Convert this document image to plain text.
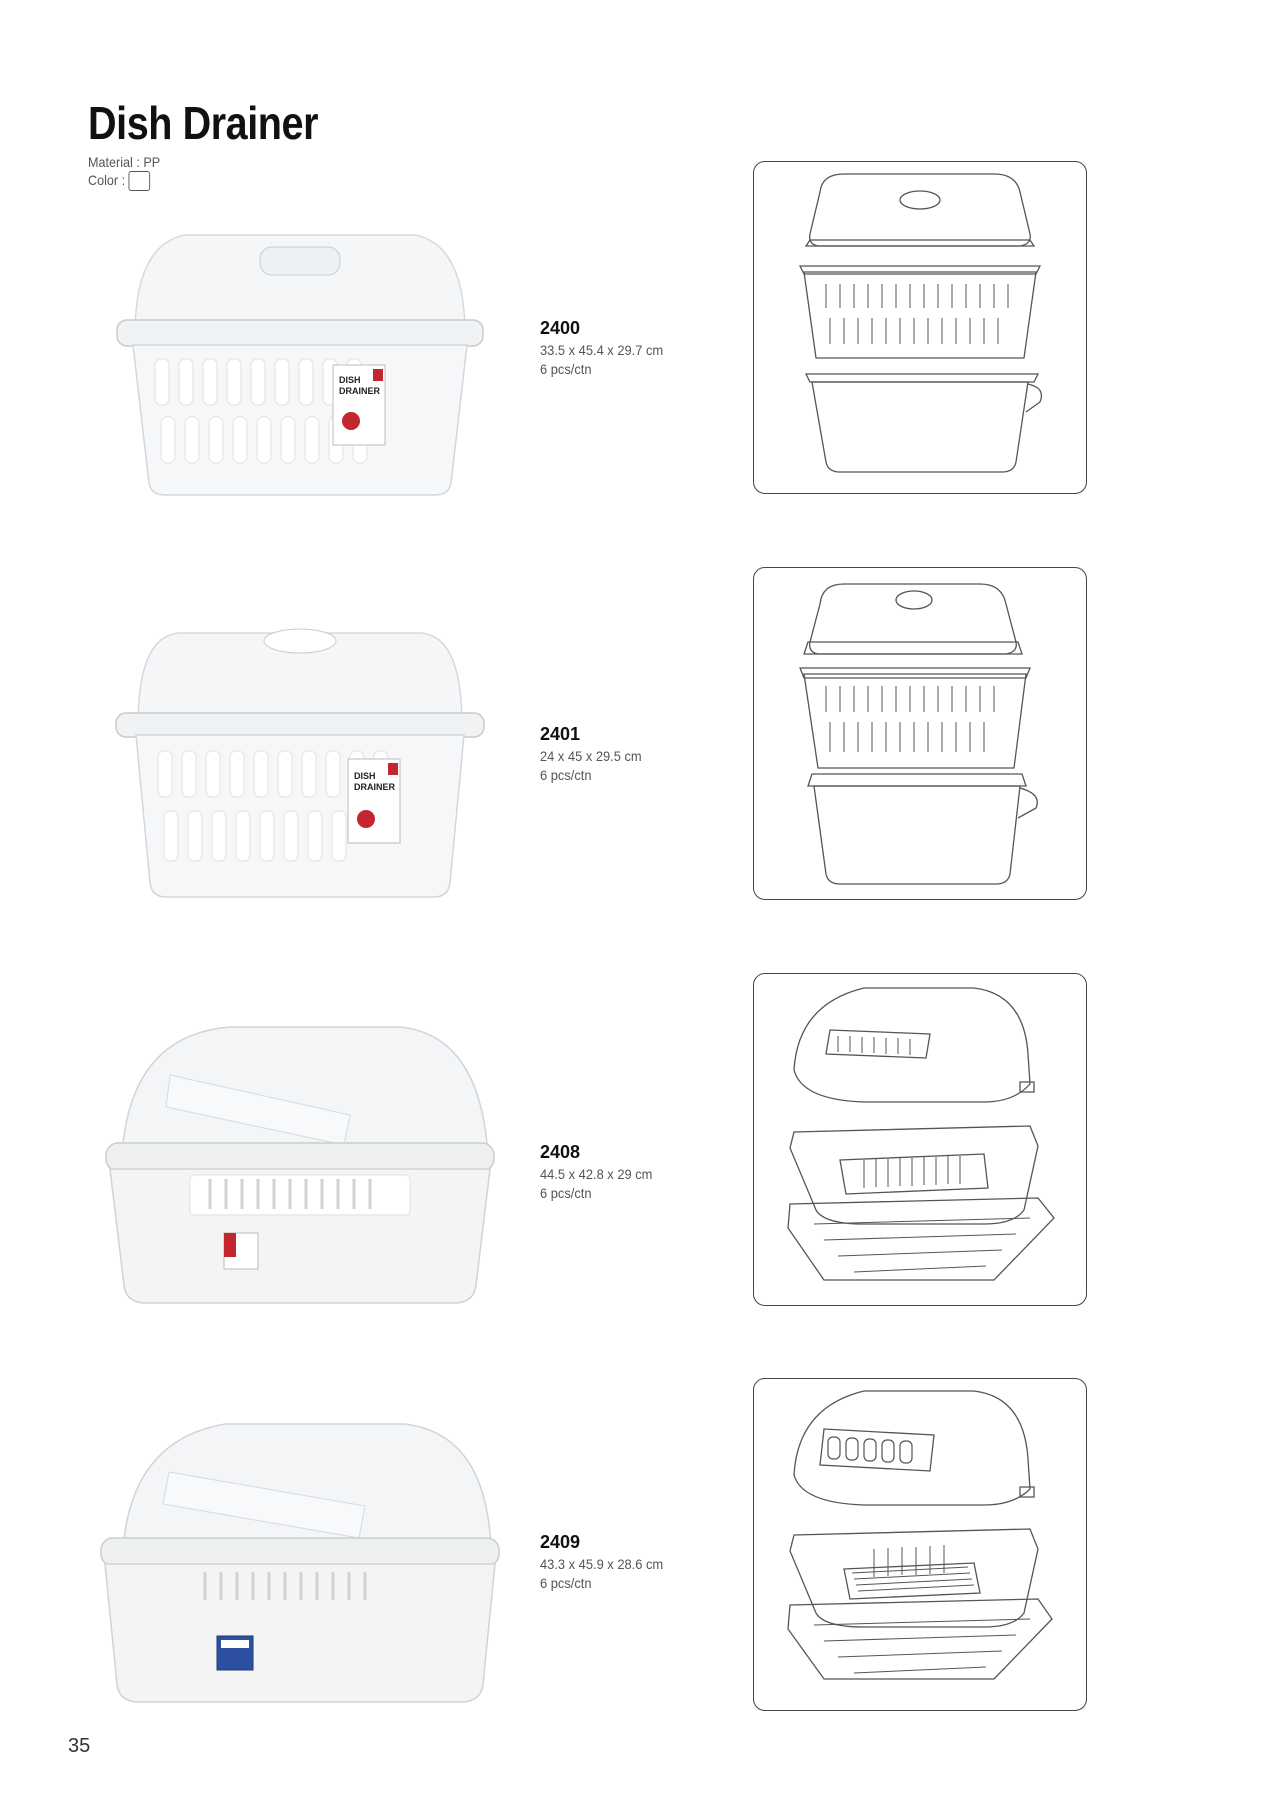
Dish Drainer
Material : PP
Color :
DISH
DRAINER
2400
33.5 x 45.4 x 29.7 cm
6 pcs/ctn
DISH
DRAINER
2401
24 x 45 x 29.5 cm
6 pcs/ctn
2408
44.5 x 42.8 x 29 cm
6 pcs/ctn
2409
43.3 x 45.9 x 28.6 cm
6 pcs/ctn
35
